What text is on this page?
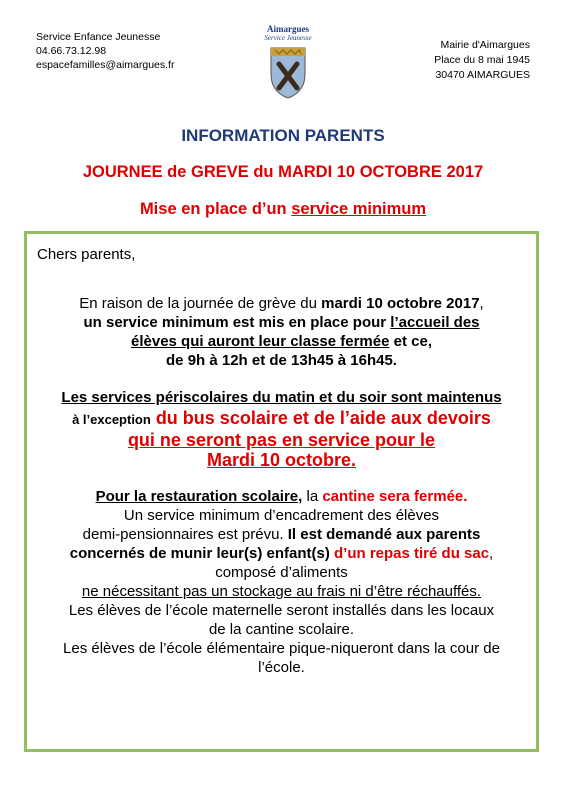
Service Enfance Jeunesse
04.66.73.12.98
espacefamilles@aimargues.fr
Aimargues
Service Jeunesse
Mairie d'Aimargues
Place du 8 mai 1945
30470 AIMARGUES
INFORMATION PARENTS
JOURNEE de GREVE du MARDI 10 OCTOBRE 2017
Mise en place d’un service minimum
Chers parents,
En raison de la journée de grève du mardi 10 octobre 2017,
un service minimum est mis en place pour l’accueil des
élèves qui auront leur classe fermée et ce,
de 9h à 12h et de 13h45 à 16h45.
Les services périscolaires du matin et du soir sont maintenus
à l’exception du bus scolaire et de l’aide aux devoirs
qui ne seront pas en service pour le
Mardi 10 octobre.
Pour la restauration scolaire, la cantine sera fermée.
Un service minimum d’encadrement des élèves
demi-pensionnaires est prévu. Il est demandé aux parents
concernés de munir leur(s) enfant(s) d’un repas tiré du sac,
composé d’aliments
ne nécessitant pas un stockage au frais ni d’être réchauffés.
Les élèves de l’école maternelle seront installés dans les locaux
de la cantine scolaire.
Les élèves de l’école élémentaire pique-niqueront dans la cour de
l’école.
